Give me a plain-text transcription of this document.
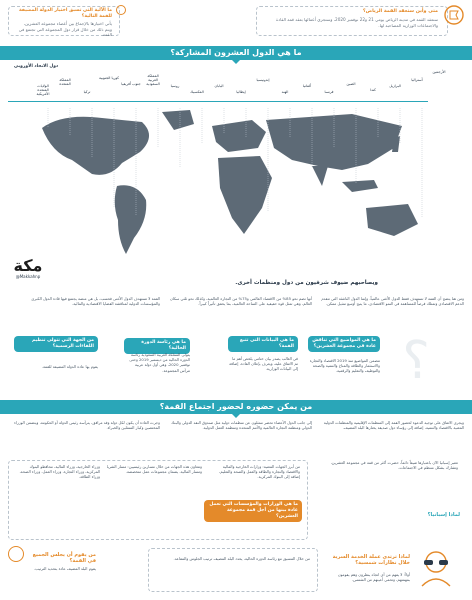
ما الآلية التي تسبق اختيار الدولة المضيفة للقمة التالية؟
يأتي اختيارها بالإجماع بين أعضاء مجموعة العشرين، ويتم ذلك من خلال قرار دول المجموعة التي تجتمع في القمة.
متى وأين ستعقد القمة الرياض؟
ستعقد القمة في مدينة الرياض يومي 21 و22 نوفمبر 2020، وستجري أعمالها بعقد قمة القادة والاجتماعات الوزارية المصاحبة لها.
ما هي الدول العشرون المشاركة؟
دول الاتحاد الأوروبي
الأرجنتين
أستراليا
البرازيل
كندا
الصين
فرنسا
ألمانيا
الهند
إندونيسيا
إيطاليا
اليابان
المكسيك
روسيا
المملكة العربية السعودية
جنوب أفريقيا
كوريا الجنوبية
تركيا
المملكة المتحدة
الولايات المتحدة الأمريكية
مكة
@Makkahnp
ويصاحبهم ضيوف شرفيون من دول ومنظمات أخرى.
ومن هنا يتضح أن القمة لا تستهدف فقط الدول الأغنى عالمياً، وإنما الدول الناشئة التي تتقدم الدعم الاقتصادي وتمتلك فرصاً للمساهمة في النمو الاقتصادي، ما يتيح أوسع تمثيل ممكن.
أنها تضم نحو 85% من الاقتصاد العالمي و75% من التجارة العالمية، وكذلك نحو ثلثي سكان العالم، وهي تمثل قوة حقيقية على الساحة العالمية، بما يحقق تأثيراً كبيراً.
القمة لا تستهدف الدول الأغنى فحسب، بل هي منصة يجتمع فيها قادة الدول الكبرى والمؤسسات الدولية لمناقشة القضايا الاقتصادية والمالية.
؟
ما هي المواضيع التي تناقش عادة في مجموعة العشرين؟
تتضمن المواضيع منذ 2019 الاقتصاد والتجارة والاستثمار والطاقة والمناخ والتنمية والصحة والتوظيف والتعليم والرقمية.
ما هي البيانات التي تتبع القمة؟
في الغالب يصدر بيان ختامي يلخص أهم ما تم الاتفاق عليه، ويعرف بإعلان القادة، إضافة إلى البيانات الوزارية.
ما هي رئاسة الدورة الحالية؟
يتولى المملكة العربية السعودية رئاسة الدورة الحالية من ديسمبر 2019 وحتى نوفمبر 2020، وهي أول دولة عربية تترأس المجموعة.
من الجهة التي تتولى تنظيم اللقاءات الرسمية؟
يقوم بها عادة الدولة المضيفة للقمة.
من يمكن حضوره لحضور اجتماع القمة؟
ويجري الاتفاق على توجيه الدعوة لحضور القمة إلى المنظمات الإقليمية والمنظمات الدولية المعنية بالاقتصاد والتنمية، إضافة إلى رؤساء دول صديقة يختارها البلد المضيف.
إلى جانب الدول الأعضاء تحضر ممثلون عن منظمات دولية مثل صندوق النقد الدولي والبنك الدولي ومنظمة التجارة العالمية والأمم المتحدة ومنظمة العمل الدولية.
وجرت العادة أن يكون لكل دولة وفد مرافق، يترأسه رئيس الدولة أو الحكومة، ويتضمن الوزراء المختصين وكبار الممثلين والخبراء.
تعتبر إسبانيا الآن باعتبارها ضيفاً دائماً، حضرت أكثر من قمة في مجموعة العشرين، وتشارك بشكل منتظم في الاجتماعات.
لماذا إسبانيا؟
ما هي الوزارات والمؤسسات التي تعمل عادة بينها من أجل قمة مجموعة العشرين؟
من أبرز الجهات المعنية: وزارات الخارجية والمالية والاقتصاد والتجارة والطاقة والعمل والصحة والتعليم، إضافة إلى البنوك المركزية.
وتتعاون هذه الجهات من خلال مسارين رئيسيين: مسار الشربا ومسار المالية، يضمان مجموعات عمل متخصصة.
وزراء الخارجية، وزراء المالية، محافظو البنوك المركزية، وزراء التجارة، وزراء العمل، وزراء الصحة، وزراء الطاقة.
من يقوم أن يجلس الجميع في القمة؟
يقوم البلد المضيف عادة بتحديد الترتيب.
من خلال التنسيق مع رئاسة الدورة الحالية، يحدد البلد المضيف ترتيب الجلوس والمقاعد.	لماذا ترتدي عملة الخدمة السرية خلال نظارات شمسية؟
أولاً: لا يفهم من أي اتجاه ينظرون وهم يقومون بمهمتهم، وتحمي أعينهم من الشمس.
